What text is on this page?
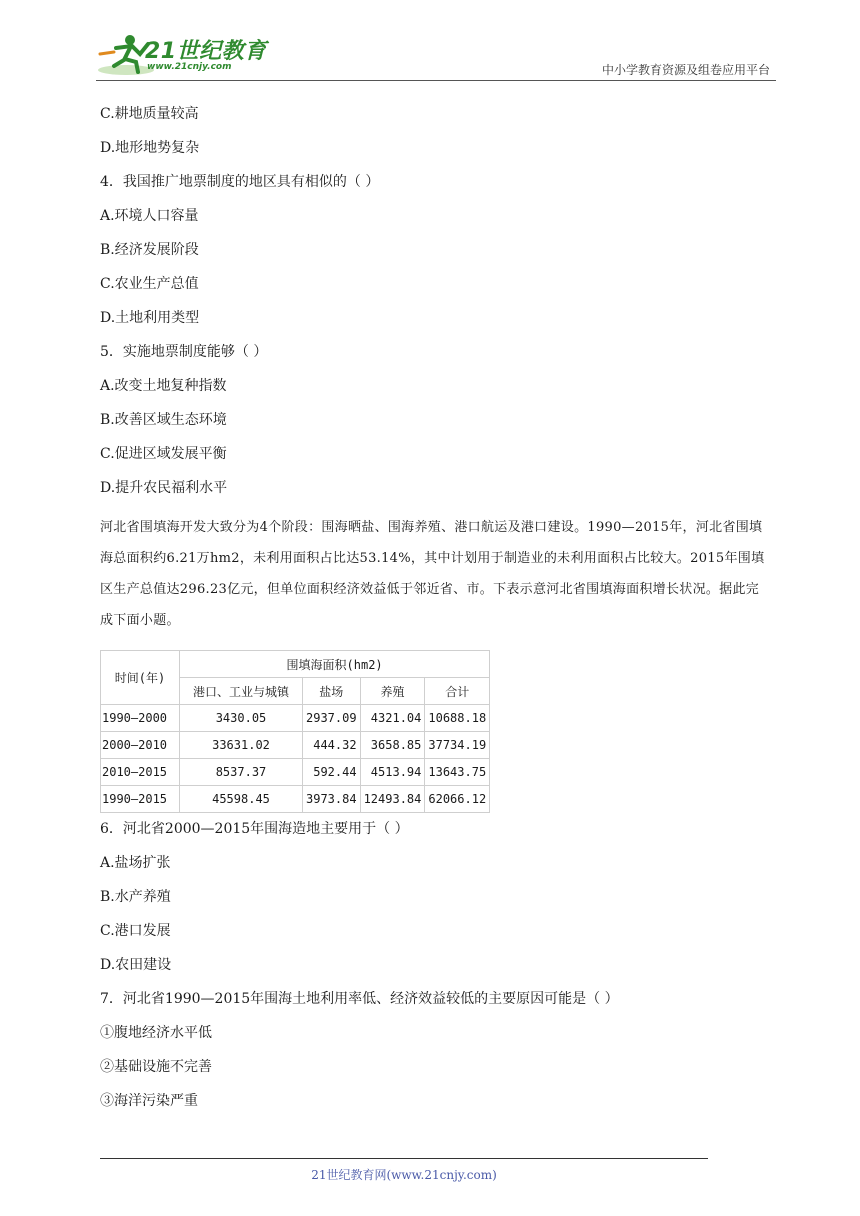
21世纪教育
www.21cnjy.com	中小学教育资源及组卷应用平台

C.耕地质量较高

D.地形地势复杂

4．我国推广地票制度的地区具有相似的（ ）

A.环境人口容量

B.经济发展阶段

C.农业生产总值

D.土地利用类型

5．实施地票制度能够（ ）

A.改变土地复种指数

B.改善区域生态环境

C.促进区域发展平衡

D.提升农民福利水平

河北省围填海开发大致分为4个阶段：围海晒盐、围海养殖、港口航运及港口建设。1990—2015年，河北省围填海总面积约6.21万hm2，未利用面积占比达53.14%，其中计划用于制造业的未利用面积占比较大。2015年围填区生产总值达296.23亿元，但单位面积经济效益低于邻近省、市。下表示意河北省围填海面积增长状况。据此完成下面小题。

时间(年)	围填海面积(hm2)			
	港口、工业与城镇	盐场	养殖	合计
1990—2000	3430.05	2937.09	4321.04	10688.18
2000—2010	33631.02	444.32	3658.85	37734.19
2010—2015	8537.37	592.44	4513.94	13643.75
1990—2015	45598.45	3973.84	12493.84	62066.12

6．河北省2000—2015年围海造地主要用于（ ）

A.盐场扩张

B.水产养殖

C.港口发展

D.农田建设

7．河北省1990—2015年围海土地利用率低、经济效益较低的主要原因可能是（ ）

①腹地经济水平低

②基础设施不完善

③海洋污染严重

21世纪教育网(www.21cnjy.com)
